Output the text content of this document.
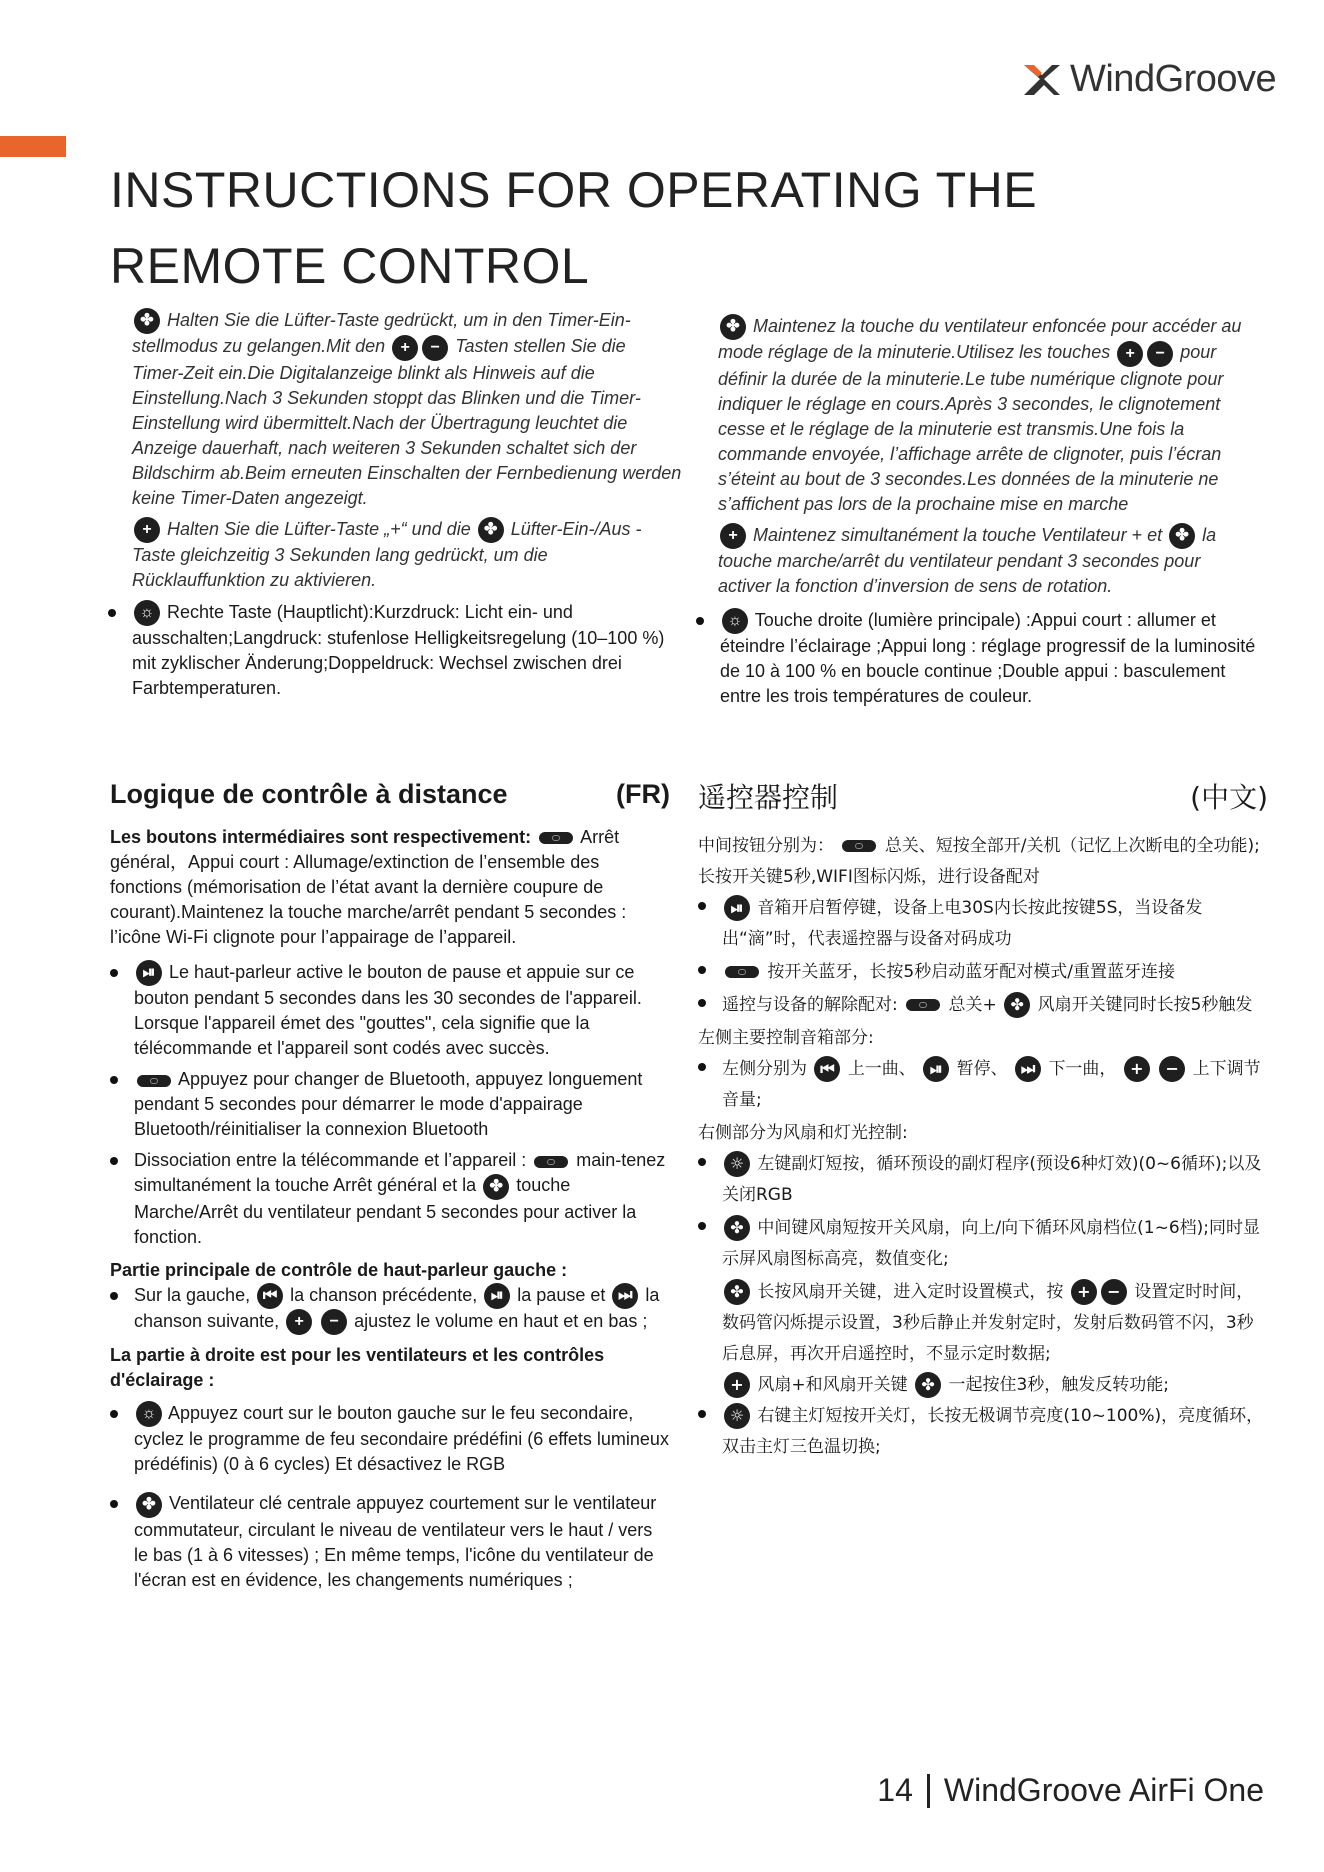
WindGroove
INSTRUCTIONS FOR OPERATING THE
REMOTE CONTROL

✤ Halten Sie die Lüfter-Taste gedrückt, um in den Timer-Ein-stellmodus zu gelangen.Mit den + − Tasten stellen Sie die Timer-Zeit ein.Die Digitalanzeige blinkt als Hinweis auf die Einstellung.Nach 3 Sekunden stoppt das Blinken und die Timer-Einstellung wird übermittelt.Nach der Übertragung leuchtet die Anzeige dauerhaft, nach weiteren 3 Sekunden schaltet sich der Bildschirm ab.Beim erneuten Einschalten der Fernbedienung werden keine Timer-Daten angezeigt.

+ Halten Sie die Lüfter-Taste „+“ und die ✤ Lüfter-Ein-/Aus -Taste gleichzeitig 3 Sekunden lang gedrückt, um die Rücklauffunktion zu aktivieren.

☼ Rechte Taste (Hauptlicht):Kurzdruck: Licht ein- und ausschalten;Langdruck: stufenlose Helligkeitsregelung (10–100 %) mit zyklischer Änderung;Doppeldruck: Wechsel zwischen drei Farbtemperaturen.

✤ Maintenez la touche du ventilateur enfoncée pour accéder au mode réglage de la minuterie.Utilisez les touches + − pour définir la durée de la minuterie.Le tube numérique clignote pour indiquer le réglage en cours.Après 3 secondes, le clignotement cesse et le réglage de la minuterie est transmis.Une fois la commande envoyée, l’affichage arrête de clignoter, puis l’écran s’éteint au bout de 3 secondes.Les données de la minuterie ne s’affichent pas lors de la prochaine mise en marche

+ Maintenez simultanément la touche Ventilateur + et ✤ la touche marche/arrêt du ventilateur pendant 3 secondes pour activer la fonction d’inversion de sens de rotation.

☼ Touche droite (lumière principale) :Appui court : allumer et éteindre l’éclairage ;Appui long : réglage progressif de la luminosité de 10 à 100 % en boucle continue ;Double appui : basculement entre les trois températures de couleur.
Logique de contrôle à distance	(FR)

Les boutons intermédiaires sont respectivement:	Arrêt général，Appui court : Allumage/extinction de l’ensemble des fonctions (mémorisation de l’état avant la dernière coupure de courant).Maintenez la touche marche/arrêt pendant 5 secondes : l’icône Wi-Fi clignote pour l’appairage de l’appareil.

⏯ Le haut-parleur active le bouton de pause et appuie sur ce bouton pendant 5 secondes dans les 30 secondes de l'appareil. Lorsque l'appareil émet des "gouttes", cela signifie que la télécommande et l'appareil sont codés avec succès.
Appuyez pour changer de Bluetooth, appuyez longuement pendant 5 secondes pour démarrer le mode d'appairage Bluetooth/réinitialiser la connexion Bluetooth
Dissociation entre la télécommande et l’appareil :	main-tenez simultanément la touche Arrêt général et la ✤ touche Marche/Arrêt du ventilateur pendant 5 secondes pour activer la fonction.

Partie principale de contrôle de haut-parleur gauche :

Sur la gauche, ⏮ la chanson précédente, ⏯ la pause et ⏭ la chanson suivante, + − ajustez le volume en haut et en bas ;

La partie à droite est pour les ventilateurs et les contrôles d'éclairage :

☼ Appuyez court sur le bouton gauche sur le feu secondaire, cyclez le programme de feu secondaire prédéfini (6 effets lumineux prédéfinis) (0 à 6 cycles) Et désactivez le RGB
✤ Ventilateur clé centrale appuyez courtement sur le ventilateur commutateur, circulant le niveau de ventilateur vers le haut / vers le bas (1 à 6 vitesses) ; En même temps, l'icône du ventilateur de l'écran est en évidence, les changements numériques ;
遥控器控制	(中文)

中间按钮分别为：	总关、短按全部开/关机（记忆上次断电的全功能);长按开关键5秒,WIFI图标闪烁，进行设备配对

⏯ 音箱开启暂停键，设备上电30S内长按此按键5S，当设备发出“滴”时，代表遥控器与设备对码成功
按开关蓝牙，长按5秒启动蓝牙配对模式/重置蓝牙连接
遥控与设备的解除配对:	总关+ ✤ 风扇开关键同时长按5秒触发

左侧主要控制音箱部分:

左侧分别为 ⏮ 上一曲、 ⏯ 暂停、 ⏭ 下一曲， + − 上下调节音量;

右侧部分为风扇和灯光控制:

☼ 左键副灯短按，循环预设的副灯程序(预设6种灯效)(0~6循环);以及关闭RGB
✤ 中间键风扇短按开关风扇，向上/向下循环风扇档位(1~6档);同时显示屏风扇图标高亮，数值变化;

✤ 长按风扇开关键，进入定时设置模式，按 + − 设置定时时间，数码管闪烁提示设置，3秒后静止并发射定时，发射后数码管不闪，3秒后息屏，再次开启遥控时，不显示定时数据;

+ 风扇+和风扇开关键 ✤ 一起按住3秒，触发反转功能;

☼ 右键主灯短按开关灯，长按无极调节亮度(10~100%)，亮度循环，双击主灯三色温切换;
14 WindGroove AirFi One
